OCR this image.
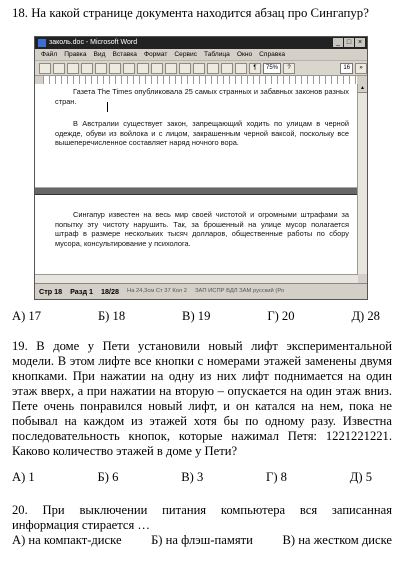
18. На какой странице документа находится абзац про Сингапур?
заколь.doc - Microsoft Word	_ □ ×
Файл Правка Вид Вставка Формат Сервис Таблица Окно Справка
¶	75%	?	16	»
Газета The Times опубликовала 25 самых странных и забавных законов разных стран.
В Австралии существует закон, запрещающий ходить по улицам в черной одежде, обуви из войлока и с лицом, закрашенным черной ваксой, поскольку все вышеперечисленное составляет наряд ночного вора.
Сингапур известен на весь мир своей чистотой и огромными штрафами за попытку эту чистоту нарушить. Так, за брошенный на улице мусор полагается штраф в размере нескольких тысяч долларов, общественные работы по сбору мусора, консультирование у психолога.
▲
Стр 18 Разд 1 18/28 На 24,3см Ст 37 Кол 2 ЗАП ИСПР ВДЛ ЗАМ русский (Ро
А) 17	Б) 18	В) 19	Г) 20	Д) 28
19. В доме у Пети установили новый лифт экспериментальной модели. В этом лифте все кнопки с номерами этажей заменены двумя кнопками. При нажатии на одну из них лифт поднимается на один этаж вверх, а при нажатии на вторую – опускается на один этаж вниз. Пете очень понравился новый лифт, и он катался на нем, пока не побывал на каждом из этажей хотя бы по одному разу. Известна последовательность кнопок, которые нажимал Петя: 1221221221. Каково количество этажей в доме у Пети?
А) 1	Б) 6	В) 3	Г) 8	Д) 5
20. При выключении питания компьютера вся записанная информация стирается …
А) на компакт-диске Б) на флэш-памяти В) на жестком диске
